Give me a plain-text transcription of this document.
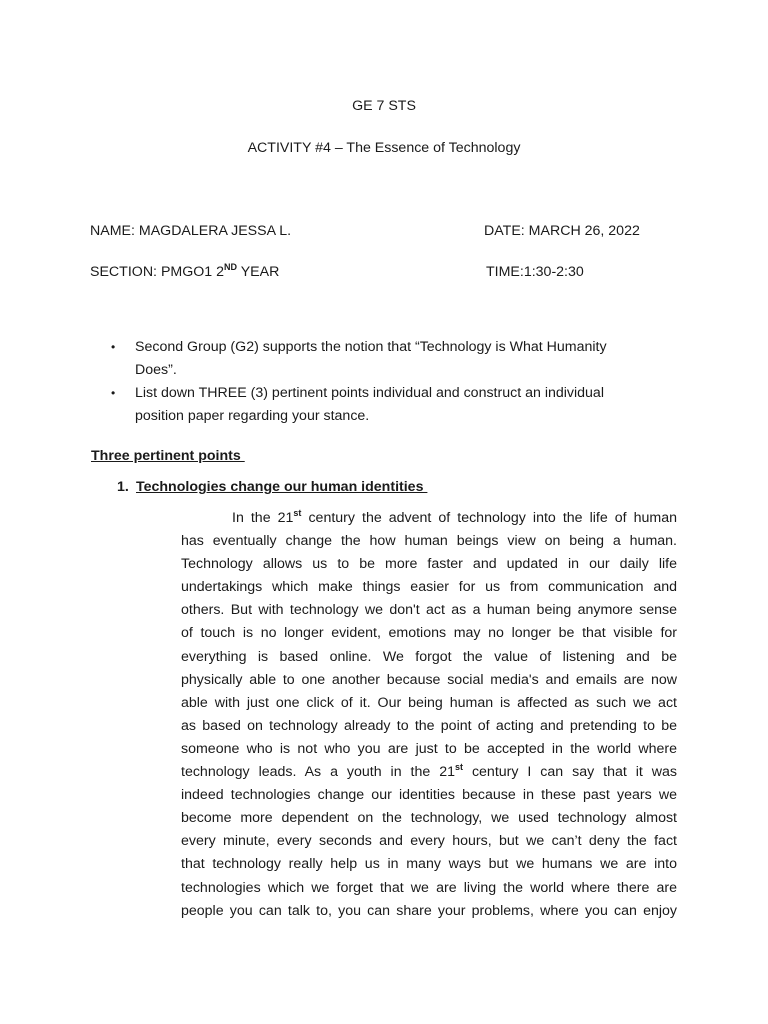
GE 7 STS
ACTIVITY #4 – The Essence of Technology
NAME: MAGDALERA JESSA L.	DATE: MARCH 26, 2022
SECTION: PMGO1 2ND YEAR	TIME:1:30-2:30
• Second Group (G2) supports the notion that “Technology is What Humanity
Does”.
• List down THREE (3) pertinent points individual and construct an individual
position paper regarding your stance.
Three pertinent points
1. Technologies change our human identities
In the 21st century the advent of technology into the life of human
has eventually change the how human beings view on being a human.
Technology allows us to be more faster and updated in our daily life
undertakings which make things easier for us from communication and
others. But with technology we don't act as a human being anymore sense
of touch is no longer evident, emotions may no longer be that visible for
everything is based online. We forgot the value of listening and be
physically able to one another because social media's and emails are now
able with just one click of it. Our being human is affected as such we act
as based on technology already to the point of acting and pretending to be
someone who is not who you are just to be accepted in the world where
technology leads. As a youth in the 21st century I can say that it was
indeed technologies change our identities because in these past years we
become more dependent on the technology, we used technology almost
every minute, every seconds and every hours, but we can’t deny the fact
that technology really help us in many ways but we humans we are into
technologies which we forget that we are living the world where there are
people you can talk to, you can share your problems, where you can enjoy
